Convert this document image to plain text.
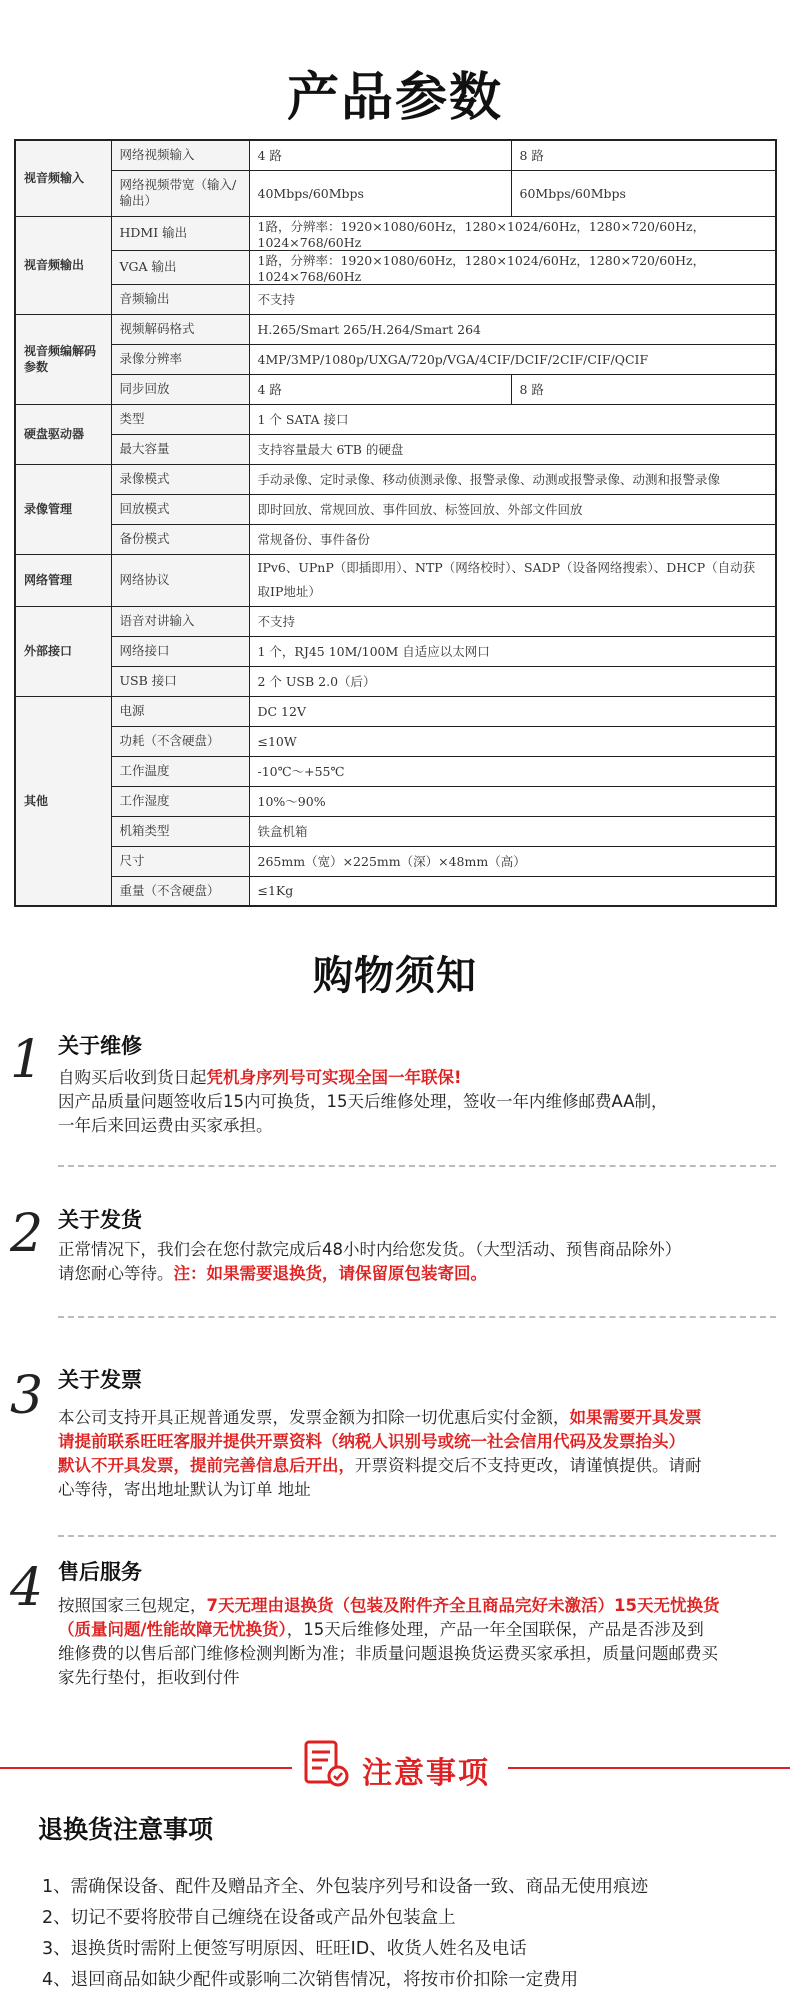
产品参数
视音频输入	网络视频输入	4 路	8 路
	网络视频带宽（输入/输出）	40Mbps/60Mbps	60Mbps/60Mbps
视音频输出	HDMI 输出	1路，分辨率：1920×1080/60Hz，1280×1024/60Hz，1280×720/60Hz，1024×768/60Hz	
	VGA 输出	1路，分辨率：1920×1080/60Hz，1280×1024/60Hz，1280×720/60Hz，1024×768/60Hz	
	音频输出	不支持	
视音频编解码参数	视频解码格式	H.265/Smart 265/H.264/Smart 264	
	录像分辨率	4MP/3MP/1080p/UXGA/720p/VGA/4CIF/DCIF/2CIF/CIF/QCIF	
	同步回放	4 路	8 路
硬盘驱动器	类型	1 个 SATA 接口	
	最大容量	支持容量最大 6TB 的硬盘	
录像管理	录像模式	手动录像、定时录像、移动侦测录像、报警录像、动测或报警录像、动测和报警录像	
	回放模式	即时回放、常规回放、事件回放、标签回放、外部文件回放	
	备份模式	常规备份、事件备份	
网络管理	网络协议	IPv6、UPnP（即插即用）、NTP（网络校时）、SADP（设备网络搜索）、DHCP（自动获取IP地址）	
外部接口	语音对讲输入	不支持	
	网络接口	1 个，RJ45 10M/100M 自适应以太网口	
	USB 接口	2 个 USB 2.0（后）	
其他	电源	DC 12V	
	功耗（不含硬盘）	≤10W	
	工作温度	-10℃～+55℃	
	工作湿度	10%～90%	
	机箱类型	铁盒机箱	
	尺寸	265mm（宽）×225mm（深）×48mm（高）	
	重量（不含硬盘）	≤1Kg	
购物须知
1 关于维修
自购买后收到货日起凭机身序列号可实现全国一年联保!
因产品质量问题签收后15内可换货，15天后维修处理，签收一年内维修邮费AA制，
一年后来回运费由买家承担。
2 关于发货
正常情况下，我们会在您付款完成后48小时内给您发货。（大型活动、预售商品除外）
请您耐心等待。注：如果需要退换货，请保留原包装寄回。
3 关于发票
本公司支持开具正规普通发票，发票金额为扣除一切优惠后实付金额，如果需要开具发票
请提前联系旺旺客服并提供开票资料（纳税人识别号或统一社会信用代码及发票抬头）
默认不开具发票，提前完善信息后开出，开票资料提交后不支持更改，请谨慎提供。请耐
心等待，寄出地址默认为订单 地址
4 售后服务
按照国家三包规定，7天无理由退换货（包装及附件齐全且商品完好未激活）15天无忧换货
（质量问题/性能故障无忧换货），15天后维修处理，产品一年全国联保，产品是否涉及到
维修费的以售后部门维修检测判断为准；非质量问题退换货运费买家承担，质量问题邮费买
家先行垫付，拒收到付件
注意事项
退换货注意事项
1、需确保设备、配件及赠品齐全、外包装序列号和设备一致、商品无使用痕迹
2、切记不要将胶带自己缠绕在设备或产品外包装盒上
3、退换货时需附上便签写明原因、旺旺ID、收货人姓名及电话
4、退回商品如缺少配件或影响二次销售情况，将按市价扣除一定费用
